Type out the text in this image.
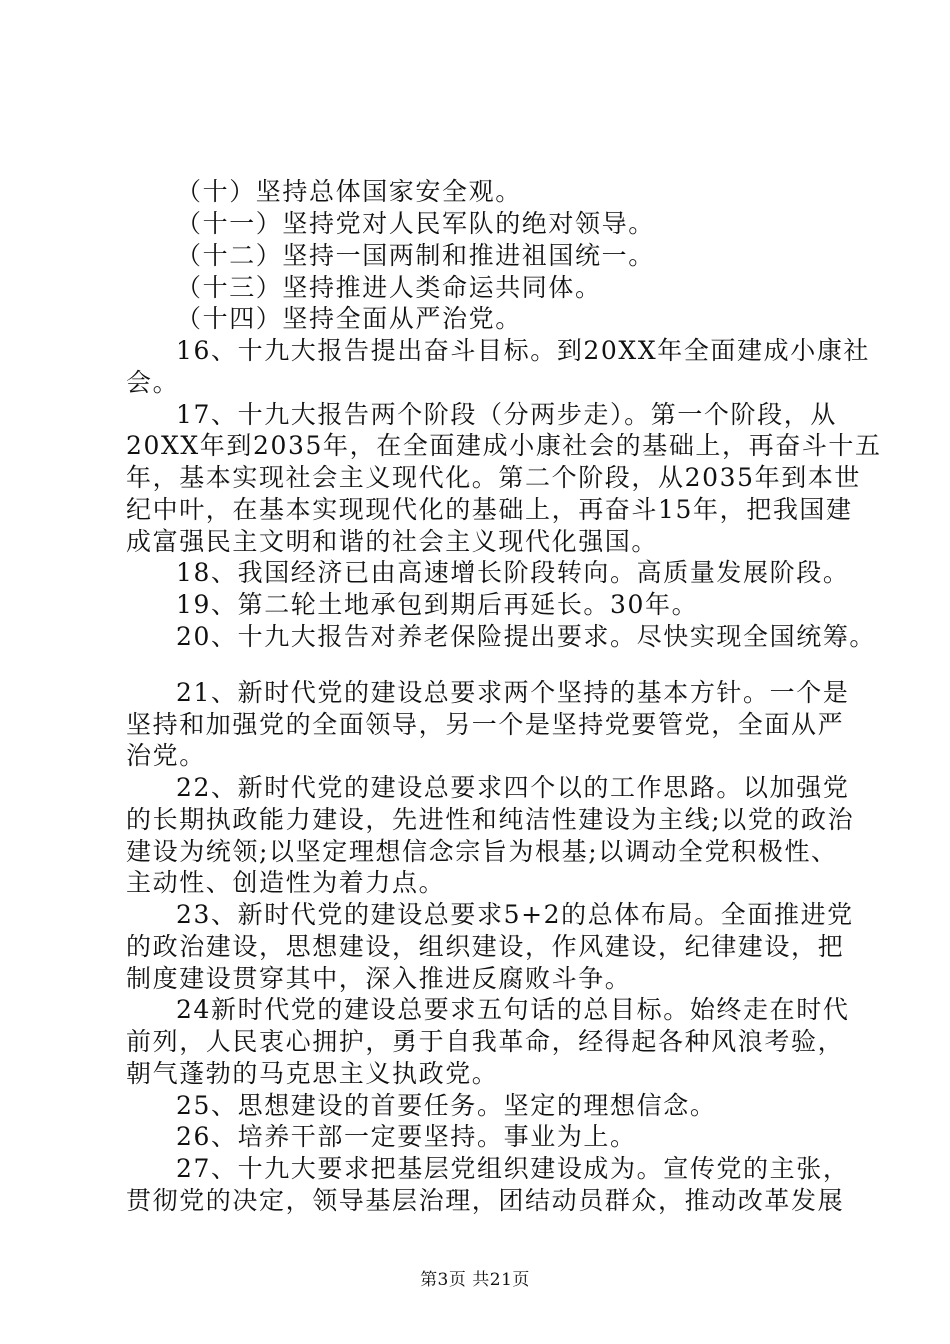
（十）坚持总体国家安全观。
（十一）坚持党对人民军队的绝对领导。
（十二）坚持一国两制和推进祖国统一。
（十三）坚持推进人类命运共同体。
（十四）坚持全面从严治党。
16、十九大报告提出奋斗目标。到20XX年全面建成小康社
会。
17、十九大报告两个阶段（分两步走）。第一个阶段，从
20XX年到2035年，在全面建成小康社会的基础上，再奋斗十五
年，基本实现社会主义现代化。第二个阶段，从2035年到本世
纪中叶，在基本实现现代化的基础上，再奋斗15年，把我国建
成富强民主文明和谐的社会主义现代化强国。
18、我国经济已由高速增长阶段转向。高质量发展阶段。
19、第二轮土地承包到期后再延长。30年。
20、十九大报告对养老保险提出要求。尽快实现全国统筹。
21、新时代党的建设总要求两个坚持的基本方针。一个是
坚持和加强党的全面领导，另一个是坚持党要管党，全面从严
治党。
22、新时代党的建设总要求四个以的工作思路。以加强党
的长期执政能力建设，先进性和纯洁性建设为主线;以党的政治
建设为统领;以坚定理想信念宗旨为根基;以调动全党积极性、
主动性、创造性为着力点。
23、新时代党的建设总要求5+2的总体布局。全面推进党
的政治建设，思想建设，组织建设，作风建设，纪律建设，把
制度建设贯穿其中，深入推进反腐败斗争。
24新时代党的建设总要求五句话的总目标。始终走在时代
前列，人民衷心拥护，勇于自我革命，经得起各种风浪考验，
朝气蓬勃的马克思主义执政党。
25、思想建设的首要任务。坚定的理想信念。
26、培养干部一定要坚持。事业为上。
27、十九大要求把基层党组织建设成为。宣传党的主张，
贯彻党的决定，领导基层治理，团结动员群众，推动改革发展
第3页 共21页
